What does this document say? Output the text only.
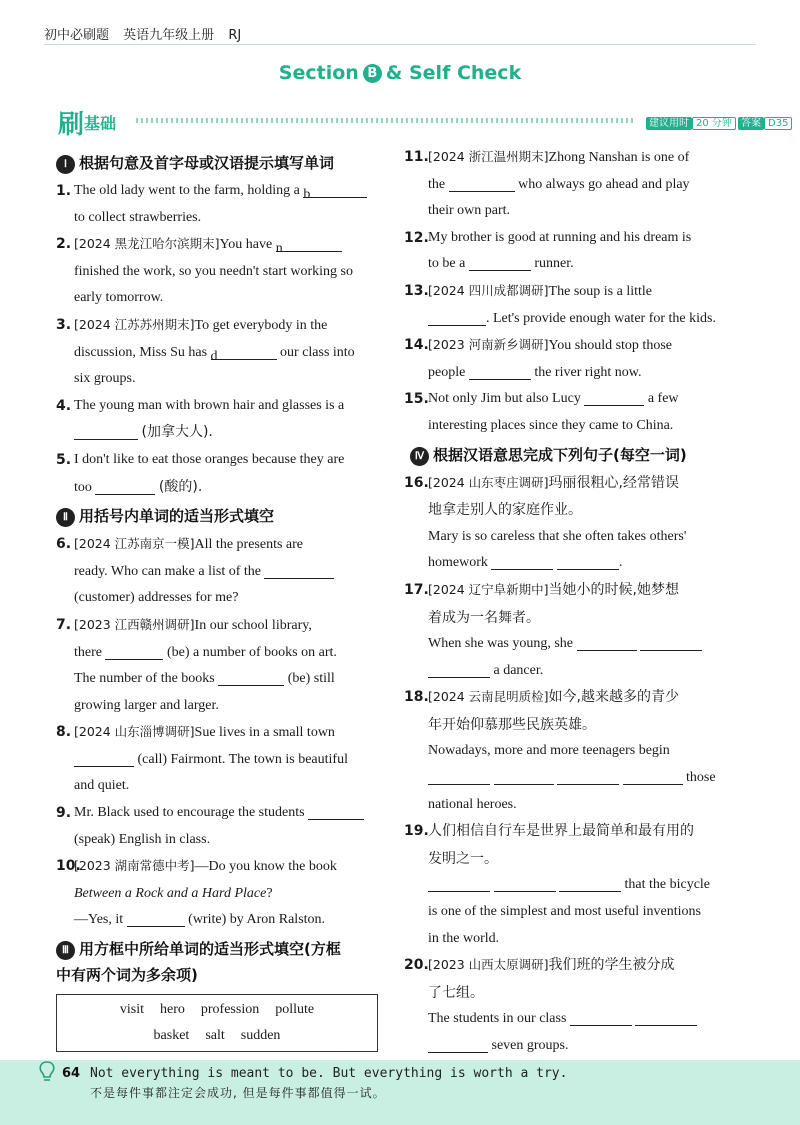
初中必刷题 英语九年级上册 RJ
Section B & Self Check
刷基础	建议用时 20 分钟 答案 D35
Ⅰ 根据句意及首字母或汉语提示填写单词
1. The old lady went to the farm, holding a b
to collect strawberries.
2. [2024 黑龙江哈尔滨期末]You have n
finished the work, so you needn't start working so
early tomorrow.
3. [2024 江苏苏州期末]To get everybody in the
discussion, Miss Su has d	our class into
six groups.
4. The young man with brown hair and glasses is a
(加拿大人).
5. I don't like to eat those oranges because they are
too	(酸的).
Ⅱ 用括号内单词的适当形式填空
6. [2024 江苏南京一模]All the presents are
ready. Who can make a list of the
(customer) addresses for me?
7. [2023 江西赣州调研]In our school library,
there	(be) a number of books on art.
The number of the books	(be) still
growing larger and larger.
8. [2024 山东淄博调研]Sue lives in a small town
(call) Fairmont. The town is beautiful
and quiet.
9. Mr. Black used to encourage the students
(speak) English in class.
10.
[2023 湖南常德中考]—Do you know the book
Between a Rock and a Hard Place?
—Yes, it	(write) by Aron Ralston.
Ⅲ 用方框中所给单词的适当形式填空(方框
中有两个词为多余项)
visit hero profession pollute
basket salt sudden
11. [2024 浙江温州期末]Zhong Nanshan is one of
the	who always go ahead and play
their own part.
12. My brother is good at running and his dream is
to be a	runner.
13. [2024 四川成都调研]The soup is a little
. Let's provide enough water for the kids.
14. [2023 河南新乡调研]You should stop those
people	the river right now.
15. Not only Jim but also Lucy	a few
interesting places since they came to China.
Ⅳ 根据汉语意思完成下列句子(每空一词)
16. [2024 山东枣庄调研]玛丽很粗心,经常错误
地拿走别人的家庭作业。
Mary is so careless that she often takes others'
homework	.
17. [2024 辽宁阜新期中]当她小的时候,她梦想
着成为一名舞者。
When she was young, she
a dancer.
18. [2024 云南昆明质检]如今,越来越多的青少
年开始仰慕那些民族英雄。
Nowadays, more and more teenagers begin
those
national heroes.
19. 人们相信自行车是世界上最简单和最有用的
发明之一。
that the bicycle
is one of the simplest and most useful inventions
in the world.
20. [2023 山西太原调研]我们班的学生被分成
了七组。
The students in our class
seven groups.
64 Not everything is meant to be. But everything is worth a try.
不是每件事都注定会成功, 但是每件事都值得一试。
